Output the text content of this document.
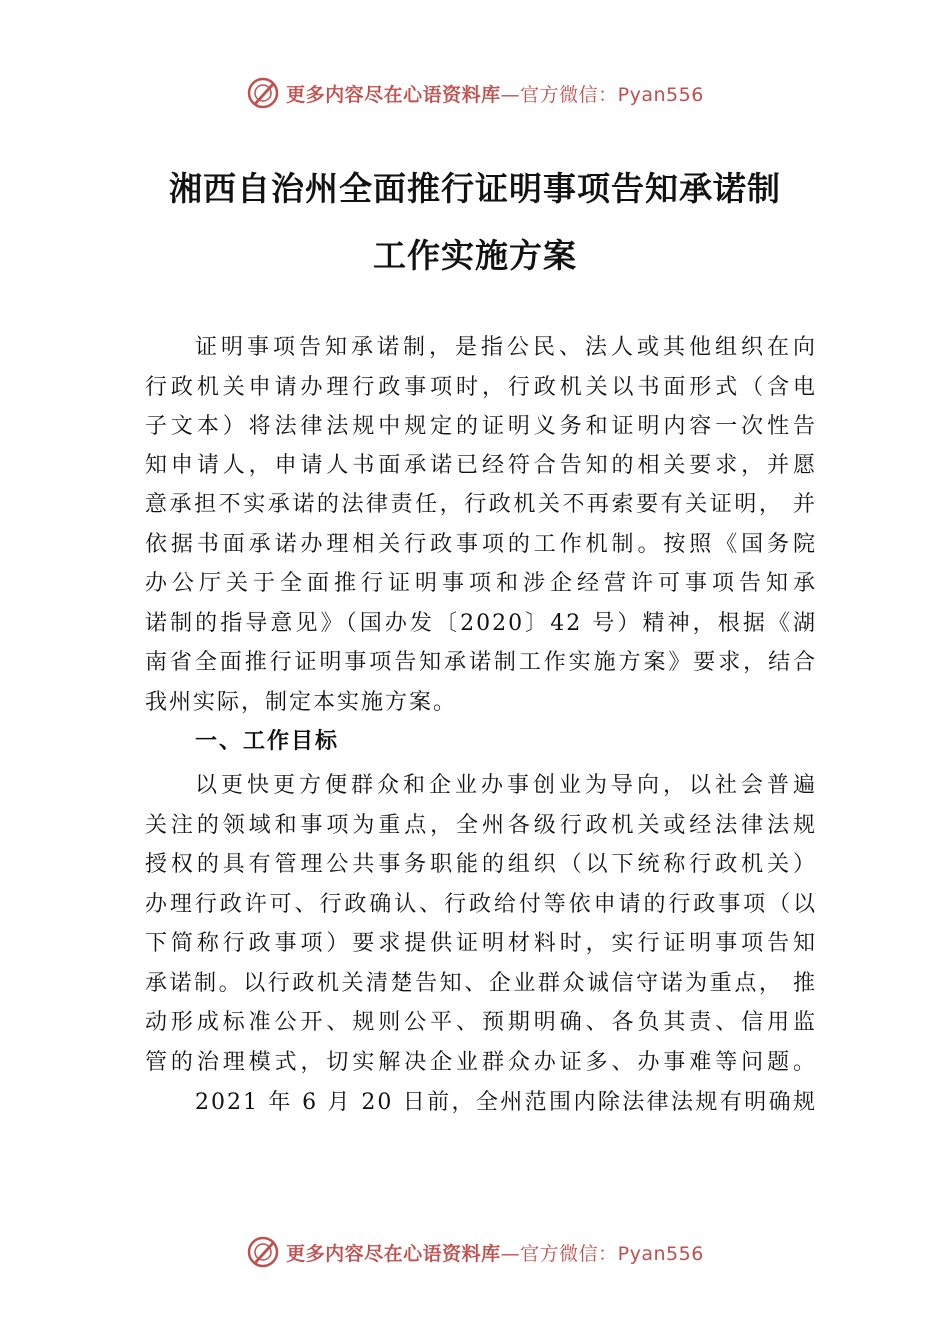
更多内容尽在心语资料库—官方微信：Pyan556
湘西自治州全面推行证明事项告知承诺制
工作实施方案
证明事项告知承诺制，是指公民、法人或其他组织在向
行政机关申请办理行政事项时，行政机关以书面形式（含电
子文本）将法律法规中规定的证明义务和证明内容一次性告
知申请人，申请人书面承诺已经符合告知的相关要求，并愿
意承担不实承诺的法律责任，行政机关不再索要有关证明， 并
依据书面承诺办理相关行政事项的工作机制。按照《国务院
办公厅关于全面推行证明事项和涉企经营许可事项告知承
诺制的指导意见》（国办发〔2020〕42 号）精神，根据《湖
南省全面推行证明事项告知承诺制工作实施方案》要求，结合
我州实际，制定本实施方案。
一、工作目标
以更快更方便群众和企业办事创业为导向，以社会普遍
关注的领域和事项为重点，全州各级行政机关或经法律法规
授权的具有管理公共事务职能的组织（以下统称行政机关）
办理行政许可、行政确认、行政给付等依申请的行政事项（以
下简称行政事项）要求提供证明材料时，实行证明事项告知
承诺制。以行政机关清楚告知、企业群众诚信守诺为重点， 推
动形成标准公开、规则公平、预期明确、各负其责、信用监
管的治理模式，切实解决企业群众办证多、办事难等问题。
2021 年 6 月 20 日前，全州范围内除法律法规有明确规
更多内容尽在心语资料库—官方微信：Pyan556
